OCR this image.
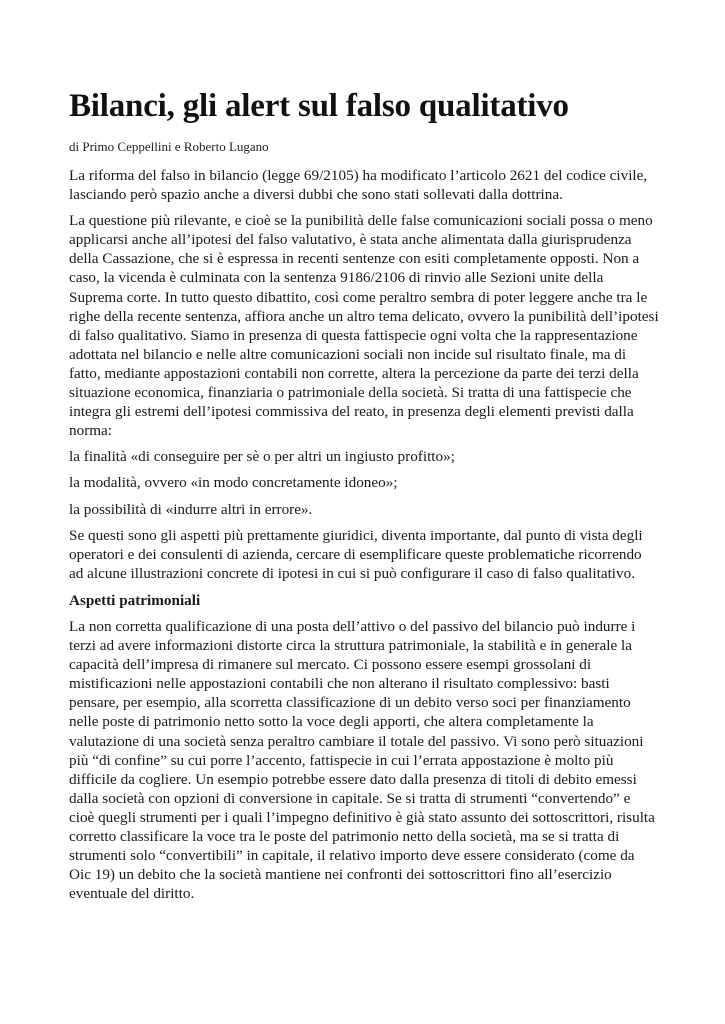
Bilanci, gli alert sul falso qualitativo
di Primo Ceppellini e Roberto Lugano

La riforma del falso in bilancio (legge 69/2105) ha modificato l’articolo 2621 del codice civile, lasciando però spazio anche a diversi dubbi che sono stati sollevati dalla dottrina.

La questione più rilevante, e cioè se la punibilità delle false comunicazioni sociali possa o meno applicarsi anche all’ipotesi del falso valutativo, è stata anche alimentata dalla giurisprudenza della Cassazione, che si è espressa in recenti sentenze con esiti completamente opposti. Non a caso, la vicenda è culminata con la sentenza 9186/2106 di rinvio alle Sezioni unite della Suprema corte. In tutto questo dibattito, così come peraltro sembra di poter leggere anche tra le righe della recente sentenza, affiora anche un altro tema delicato, ovvero la punibilità dell’ipotesi di falso qualitativo. Siamo in presenza di questa fattispecie ogni volta che la rappresentazione adottata nel bilancio e nelle altre comunicazioni sociali non incide sul risultato finale, ma di fatto, mediante appostazioni contabili non corrette, altera la percezione da parte dei terzi della situazione economica, finanziaria o patrimoniale della società. Si tratta di una fattispecie che integra gli estremi dell’ipotesi commissiva del reato, in presenza degli elementi previsti dalla norma:

la finalità «di conseguire per sè o per altri un ingiusto profitto»;

la modalità, ovvero «in modo concretamente idoneo»;

la possibilità di «indurre altri in errore».

Se questi sono gli aspetti più prettamente giuridici, diventa importante, dal punto di vista degli operatori e dei consulenti di azienda, cercare di esemplificare queste problematiche ricorrendo ad alcune illustrazioni concrete di ipotesi in cui si può configurare il caso di falso qualitativo.

Aspetti patrimoniali

La non corretta qualificazione di una posta dell’attivo o del passivo del bilancio può indurre i terzi ad avere informazioni distorte circa la struttura patrimoniale, la stabilità e in generale la capacità dell’impresa di rimanere sul mercato. Ci possono essere esempi grossolani di mistificazioni nelle appostazioni contabili che non alterano il risultato complessivo: basti pensare, per esempio, alla scorretta classificazione di un debito verso soci per finanziamento nelle poste di patrimonio netto sotto la voce degli apporti, che altera completamente la valutazione di una società senza peraltro cambiare il totale del passivo. Vi sono però situazioni più “di confine” su cui porre l’accento, fattispecie in cui l’errata appostazione è molto più difficile da cogliere. Un esempio potrebbe essere dato dalla presenza di titoli di debito emessi dalla società con opzioni di conversione in capitale. Se si tratta di strumenti “convertendo” e cioè quegli strumenti per i quali l’impegno definitivo è già stato assunto dei sottoscrittori, risulta corretto classificare la voce tra le poste del patrimonio netto della società, ma se si tratta di strumenti solo “convertibili” in capitale, il relativo importo deve essere considerato (come da Oic 19) un debito che la società mantiene nei confronti dei sottoscrittori fino all’esercizio eventuale del diritto.
